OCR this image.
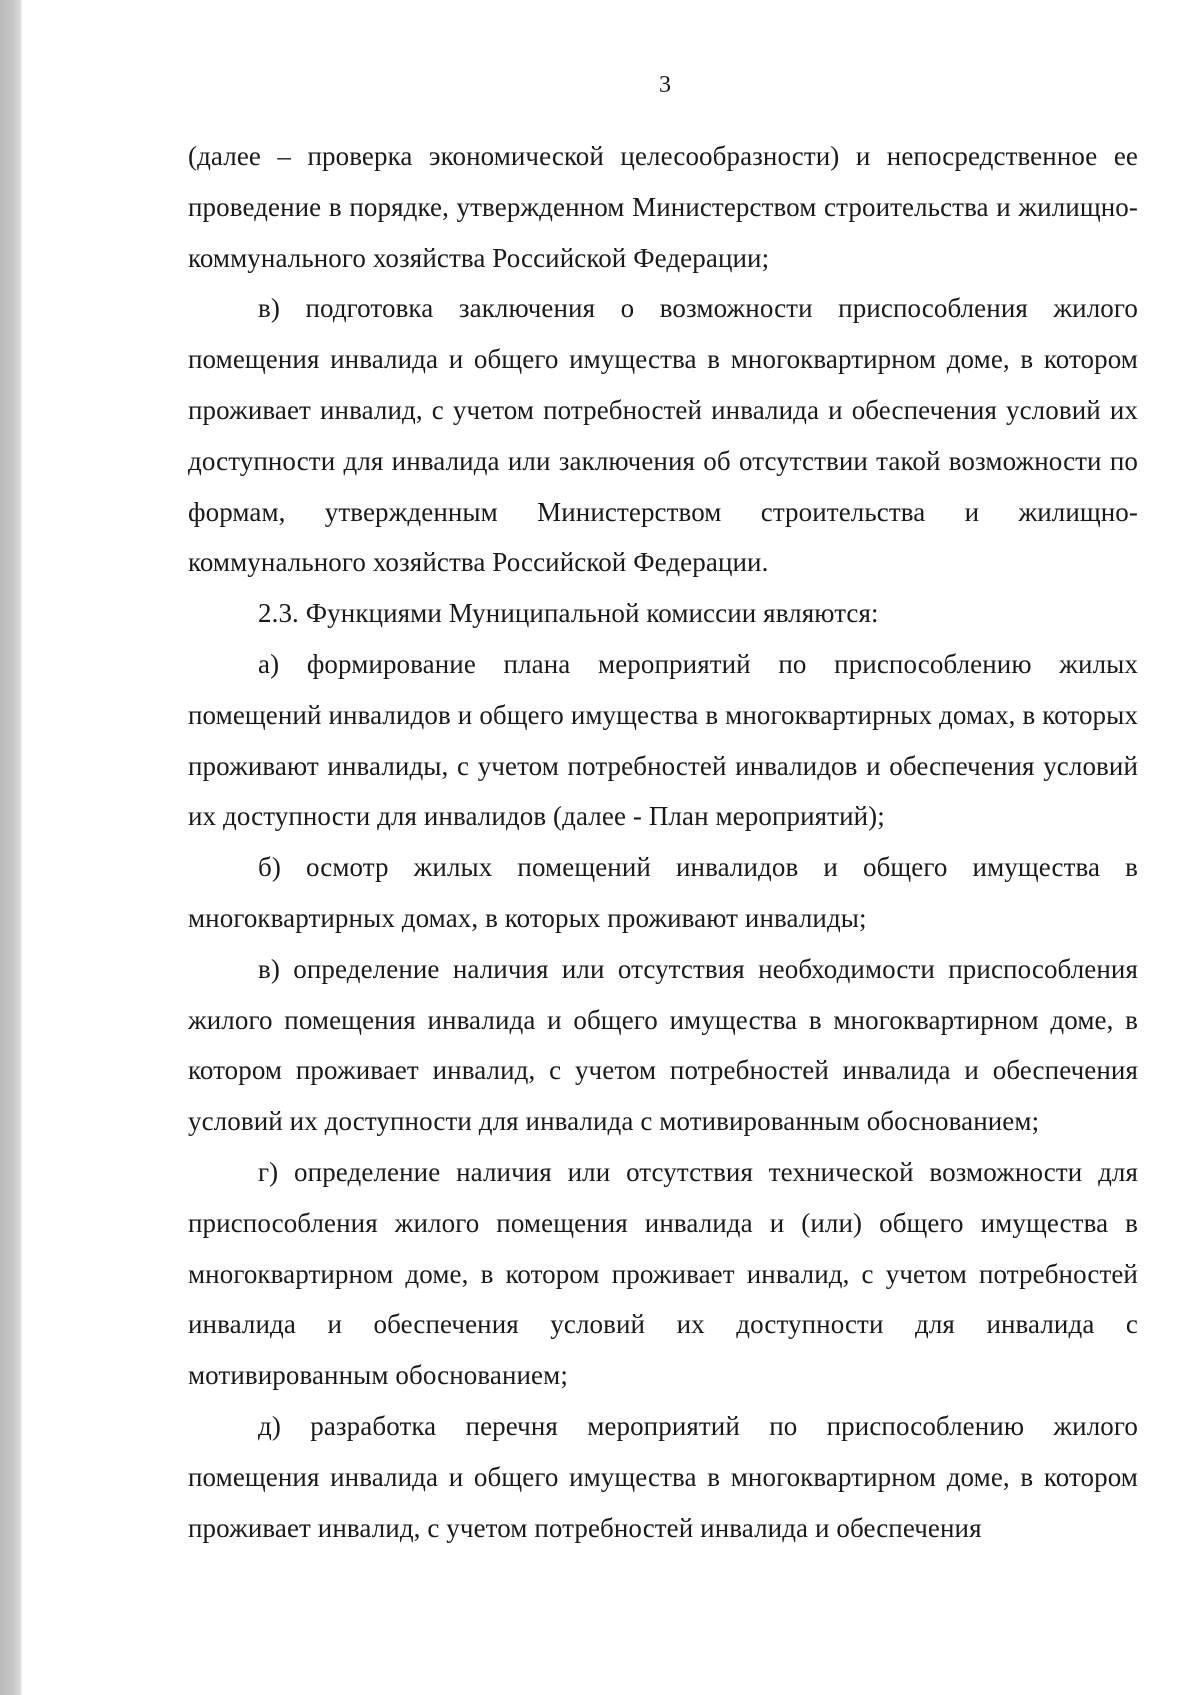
3

(далее – проверка экономической целесообразности) и непосредственное ее проведение в порядке, утвержденном Министерством строительства и жилищно-коммунального хозяйства Российской Федерации;

в) подготовка заключения о возможности приспособления жилого помещения инвалида и общего имущества в многоквартирном доме, в котором проживает инвалид, с учетом потребностей инвалида и обеспечения условий их доступности для инвалида или заключения об отсутствии такой возможности по формам, утвержденным Министерством строительства и жилищно-коммунального хозяйства Российской Федерации.

2.3. Функциями Муниципальной комиссии являются:

а) формирование плана мероприятий по приспособлению жилых помещений инвалидов и общего имущества в многоквартирных домах, в которых проживают инвалиды, с учетом потребностей инвалидов и обеспечения условий их доступности для инвалидов (далее - План мероприятий);

б) осмотр жилых помещений инвалидов и общего имущества в многоквартирных домах, в которых проживают инвалиды;

в) определение наличия или отсутствия необходимости приспособления жилого помещения инвалида и общего имущества в многоквартирном доме, в котором проживает инвалид, с учетом потребностей инвалида и обеспечения условий их доступности для инвалида с мотивированным обоснованием;

г) определение наличия или отсутствия технической возможности для приспособления жилого помещения инвалида и (или) общего имущества в многоквартирном доме, в котором проживает инвалид, с учетом потребностей инвалида и обеспечения условий их доступности для инвалида с мотивированным обоснованием;

д) разработка перечня мероприятий по приспособлению жилого помещения инвалида и общего имущества в многоквартирном доме, в котором проживает инвалид, с учетом потребностей инвалида и обеспечения
